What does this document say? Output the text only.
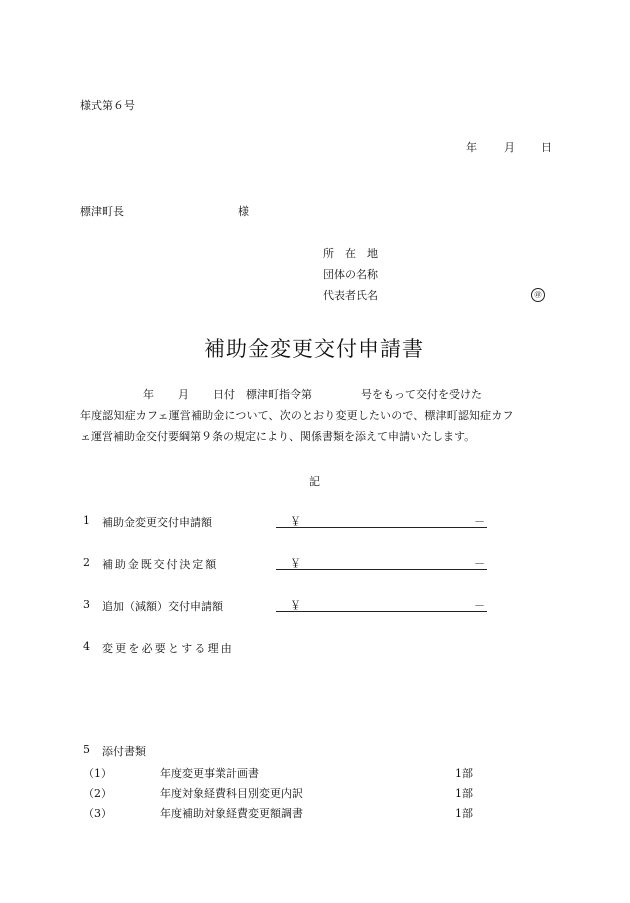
様式第６号
年 月 日
標津町長	様
所　在　地
団体の名称
代表者氏名	㊞
補助金変更交付申請書
年 月 日付　標津町指令第	号をもって交付を受けた
年度認知症カフェ運営補助金について、次のとおり変更したいので、標津町認知症カフ
ェ運営補助金交付要綱第９条の規定により、関係書類を添えて申請いたします。
記
1 補助金変更交付申請額	￥	－
2 補助金既交付決定額	￥	－
3 追加（減額）交付申請額	￥	－
4 変更を必要とする理由
5 添付書類
（1）	年度変更事業計画書	1部
（2）	年度対象経費科目別変更内訳	1部
（3）	年度補助対象経費変更額調書	1部
